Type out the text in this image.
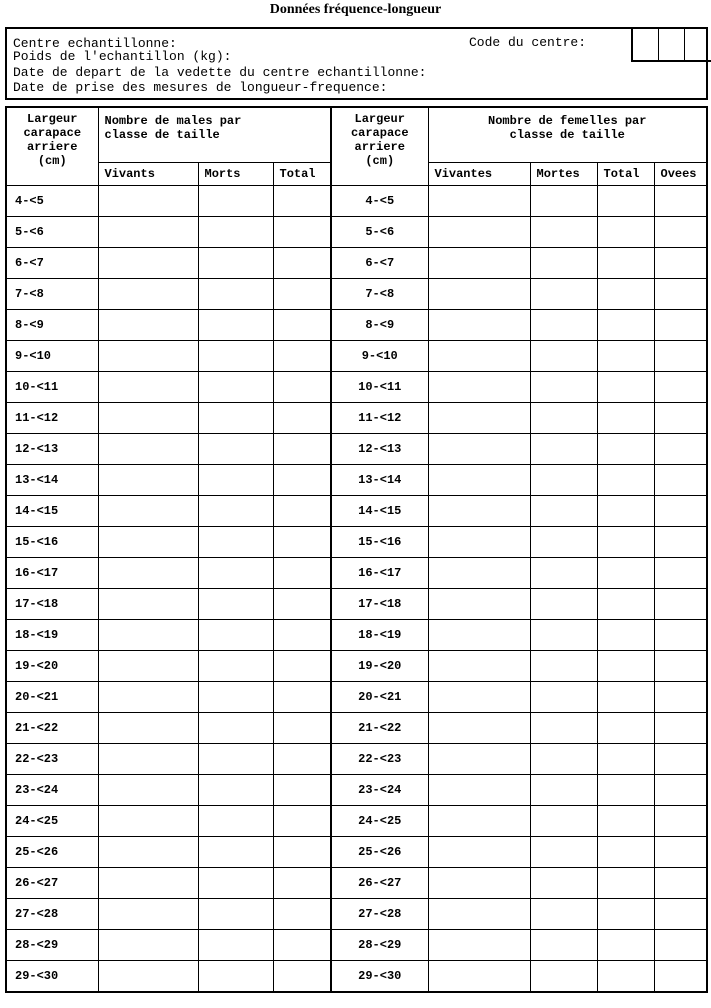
Données fréquence-longueur
Centre echantillonne:
Poids de l'echantillon (kg):
Date de depart de la vedette du centre echantillonne:
Date de prise des mesures de longueur-frequence:
Code du centre:
Largeur
carapace
arriere
(cm)	Nombre de males par
classe de taille			Largeur
carapace
arriere
(cm)	Nombre de femelles par
classe de taille			
	Vivants	Morts	Total		Vivantes	Mortes	Total	Ovees
4-<5				4-<5				
5-<6				5-<6				
6-<7				6-<7				
7-<8				7-<8				
8-<9				8-<9				
9-<10				9-<10				
10-<11				10-<11				
11-<12				11-<12				
12-<13				12-<13				
13-<14				13-<14				
14-<15				14-<15				
15-<16				15-<16				
16-<17				16-<17				
17-<18				17-<18				
18-<19				18-<19				
19-<20				19-<20				
20-<21				20-<21				
21-<22				21-<22				
22-<23				22-<23				
23-<24				23-<24				
24-<25				24-<25				
25-<26				25-<26				
26-<27				26-<27				
27-<28				27-<28				
28-<29				28-<29				
29-<30				29-<30				
